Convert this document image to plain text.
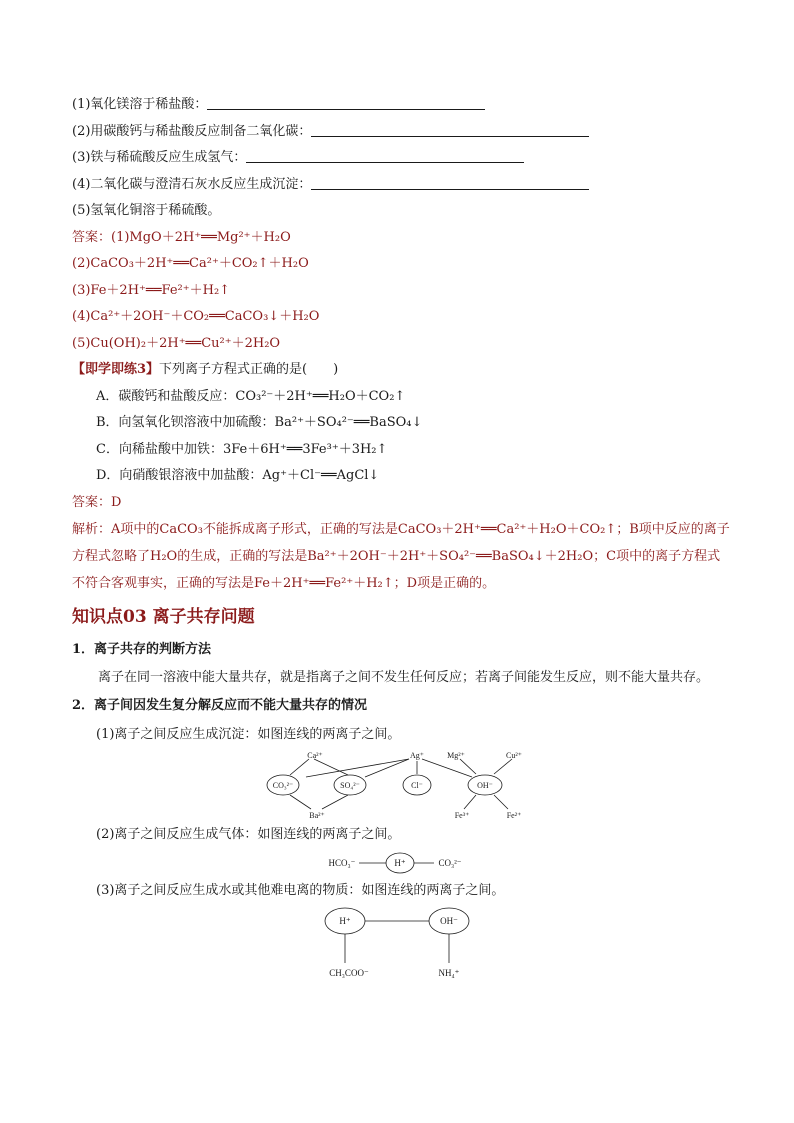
(1)氧化镁溶于稀盐酸：
(2)用碳酸钙与稀盐酸反应制备二氧化碳：
(3)铁与稀硫酸反应生成氢气：
(4)二氧化碳与澄清石灰水反应生成沉淀：
(5)氢氧化铜溶于稀硫酸。
答案：(1)MgO＋2H⁺══Mg²⁺＋H₂O
(2)CaCO₃＋2H⁺══Ca²⁺＋CO₂↑＋H₂O
(3)Fe＋2H⁺══Fe²⁺＋H₂↑
(4)Ca²⁺＋2OH⁻＋CO₂══CaCO₃↓＋H₂O
(5)Cu(OH)₂＋2H⁺══Cu²⁺＋2H₂O
【即学即练3】下列离子方程式正确的是(　　)
A．碳酸钙和盐酸反应：CO₃²⁻＋2H⁺══H₂O＋CO₂↑
B．向氢氧化钡溶液中加硫酸：Ba²⁺＋SO₄²⁻══BaSO₄↓
C．向稀盐酸中加铁：3Fe＋6H⁺══3Fe³⁺＋3H₂↑
D．向硝酸银溶液中加盐酸：Ag⁺＋Cl⁻══AgCl↓
答案：D
解析：A项中的CaCO₃不能拆成离子形式，正确的写法是CaCO₃＋2H⁺══Ca²⁺＋H₂O＋CO₂↑；B项中反应的离子方程式忽略了H₂O的生成，正确的写法是Ba²⁺＋2OH⁻＋2H⁺＋SO₄²⁻══BaSO₄↓＋2H₂O；C项中的离子方程式不符合客观事实，正确的写法是Fe＋2H⁺══Fe²⁺＋H₂↑；D项是正确的。
知识点03 离子共存问题
1．离子共存的判断方法
离子在同一溶液中能大量共存，就是指离子之间不发生任何反应；若离子间能发生反应，则不能大量共存。
2．离子间因发生复分解反应而不能大量共存的情况
(1)离子之间反应生成沉淀：如图连线的两离子之间。
Ca²⁺	Ag⁺	Mg²⁺	Cu²⁺
CO₃²⁻	SO₄²⁻	Cl⁻	OH⁻
Ba²⁺	Fe³⁺	Fe²⁺
(2)离子之间反应生成气体：如图连线的两离子之间。
HCO₃⁻	H⁺	CO₃²⁻
(3)离子之间反应生成水或其他难电离的物质：如图连线的两离子之间。
H⁺	OH⁻
CH₃COO⁻	NH₄⁺
